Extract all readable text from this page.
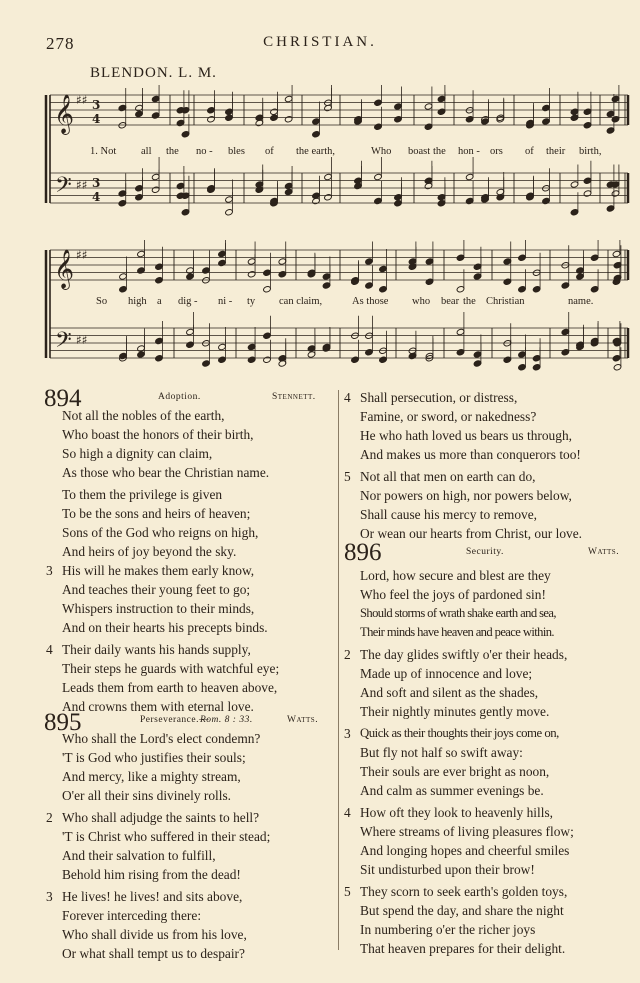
278	CHRISTIAN.
BLENDON. L. M.
𝄞
𝄢
♯♯
♯♯
3
4
3
4
1. Not all the no - bles of the earth,	Who boast the hon - ors of their birth,
𝄞
𝄢
♯♯
♯♯
So high a dig - ni - ty can claim,	As those who bear the Christian	name.
894	Adoption.	Stennett.
Not all the nobles of the earth,
Who boast the honors of their birth,
So high a dignity can claim,
As those who bear the Christian name.
To them the privilege is given
To be the sons and heirs of heaven;
Sons of the God who reigns on high,
And heirs of joy beyond the sky.
3 His will he makes them early know,
And teaches their young feet to go;
Whispers instruction to their minds,
And on their hearts his precepts binds.
4 Their daily wants his hands supply,
Their steps he guards with watchful eye;
Leads them from earth to heaven above,
And crowns them with eternal love.
895	Perseverance.—
Rom. 8 : 33.	Watts.
Who shall the Lord's elect condemn?
'T is God who justifies their souls;
And mercy, like a mighty stream,
O'er all their sins divinely rolls.
2 Who shall adjudge the saints to hell?
'T is Christ who suffered in their stead;
And their salvation to fulfill,
Behold him rising from the dead!
3 He lives! he lives! and sits above,
Forever interceding there:
Who shall divide us from his love,
Or what shall tempt us to despair?
4 Shall persecution, or distress,
Famine, or sword, or nakedness?
He who hath loved us bears us through,
And makes us more than conquerors too!
5 Not all that men on earth can do,
Nor powers on high, nor powers below,
Shall cause his mercy to remove,
Or wean our hearts from Christ, our love.
896	Security.	Watts.
Lord, how secure and blest are they
Who feel the joys of pardoned sin!
Should storms of wrath shake earth and sea,
Their minds have heaven and peace within.
2 The day glides swiftly o'er their heads,
Made up of innocence and love;
And soft and silent as the shades,
Their nightly minutes gently move.
3 Quick as their thoughts their joys come on,
But fly not half so swift away:
Their souls are ever bright as noon,
And calm as summer evenings be.
4 How oft they look to heavenly hills,
Where streams of living pleasures flow;
And longing hopes and cheerful smiles
Sit undisturbed upon their brow!
5 They scorn to seek earth's golden toys,
But spend the day, and share the night
In numbering o'er the richer joys
That heaven prepares for their delight.
